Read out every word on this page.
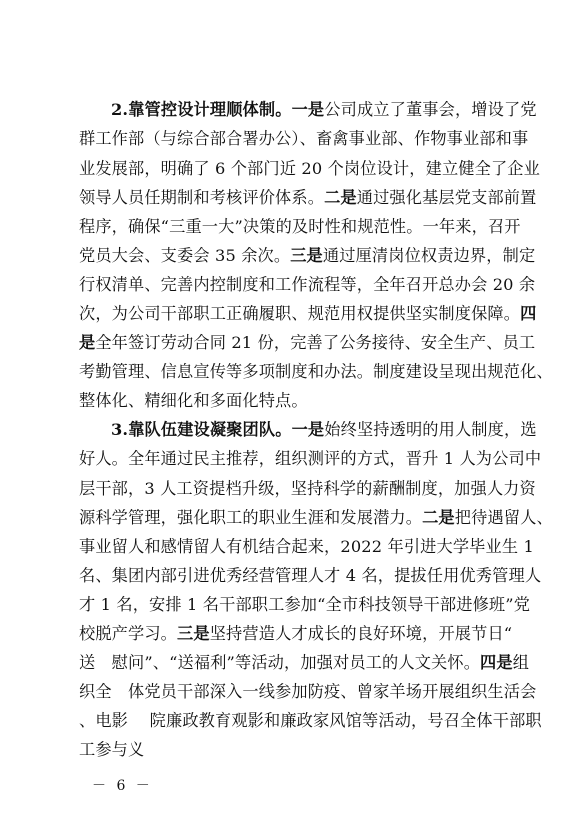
2.靠管控设计理顺体制。一是公司成立了董事会，增设了党
群工作部（与综合部合署办公）、畜禽事业部、作物事业部和事
业发展部，明确了 6 个部门近 20 个岗位设计，建立健全了企业
领导人员任期制和考核评价体系。二是通过强化基层党支部前置
程序，确保“三重一大”决策的及时性和规范性。一年来，召开
党员大会、支委会 35 余次。三是通过厘清岗位权责边界，制定
行权清单、完善内控制度和工作流程等，全年召开总办会 20 余
次，为公司干部职工正确履职、规范用权提供坚实制度保障。四
是全年签订劳动合同 21 份，完善了公务接待、安全生产、员工
考勤管理、信息宣传等多项制度和办法。制度建设呈现出规范化、
整体化、精细化和多面化特点。
3.靠队伍建设凝聚团队。一是始终坚持透明的用人制度，选
好人。全年通过民主推荐，组织测评的方式，晋升 1 人为公司中
层干部，3 人工资提档升级，坚持科学的薪酬制度，加强人力资
源科学管理，强化职工的职业生涯和发展潜力。二是把待遇留人、
事业留人和感情留人有机结合起来，2022 年引进大学毕业生 1
名、集团内部引进优秀经营管理人才 4 名，提拔任用优秀管理人
才 1 名，安排 1 名干部职工参加“全市科技领导干部进修班”党
校脱产学习。三是坚持营造人才成长的良好环境，开展节日“
送　慰问”、“送福利”等活动，加强对员工的人文关怀。四是组
织全　体党员干部深入一线参加防疫、曾家羊场开展组织生活会
、电影　 院廉政教育观影和廉政家风馆等活动，号召全体干部职
工参与义
－ 6 －
